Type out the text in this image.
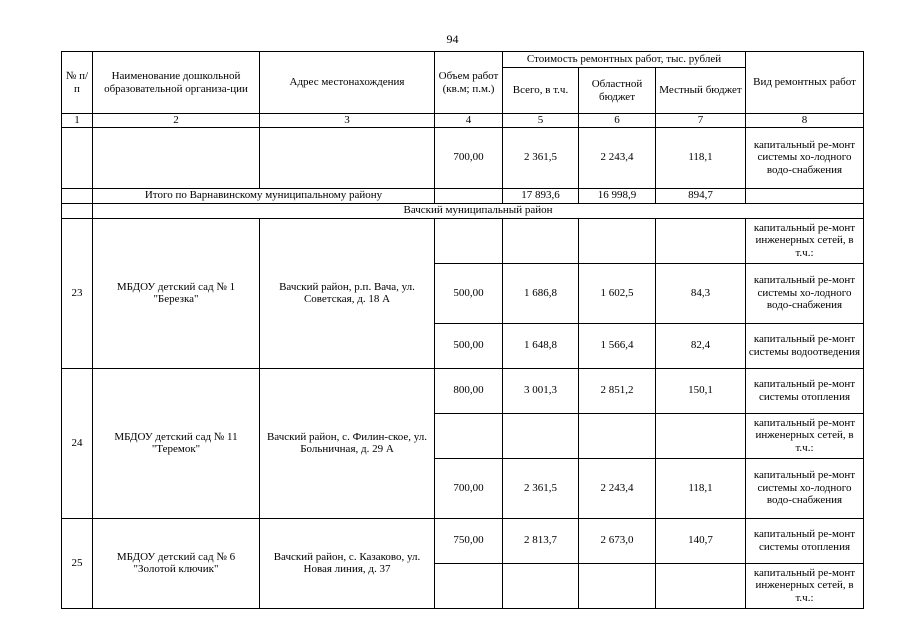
94
№ п/п	Наименование дошкольной образовательной организа-ции	Адрес местонахождения	Объем работ (кв.м; п.м.)	Стоимость ремонтных работ, тыс. рублей			Вид ремонтных работ
				Всего, в т.ч.	Областной бюджет	Местный бюджет	
1	2	3	4	5	6	7	8
			700,00	2 361,5	2 243,4	118,1	капитальный ре-монт системы хо-лодного водо-снабжения
	Итого по Варнавинскому муниципальному району			17 893,6	16 998,9	894,7	
	Вачский муниципальный район						
23	МБДОУ детский сад № 1 "Березка"	Вачский район, р.п. Вача, ул. Советская, д. 18 А					капитальный ре-монт инженерных сетей, в т.ч.:
			500,00	1 686,8	1 602,5	84,3	капитальный ре-монт системы хо-лодного водо-снабжения
			500,00	1 648,8	1 566,4	82,4	капитальный ре-монт системы водоотведения
24	МБДОУ детский сад № 11 "Теремок"	Вачский район, с. Филин-ское, ул. Больничная, д. 29 А	800,00	3 001,3	2 851,2	150,1	капитальный ре-монт системы отопления
							капитальный ре-монт инженерных сетей, в т.ч.:
			700,00	2 361,5	2 243,4	118,1	капитальный ре-монт системы хо-лодного водо-снабжения
25	МБДОУ детский сад № 6 "Золотой ключик"	Вачский район, с. Казаково, ул. Новая линия, д. 37	750,00	2 813,7	2 673,0	140,7	капитальный ре-монт системы отопления
							капитальный ре-монт инженерных сетей, в т.ч.:
